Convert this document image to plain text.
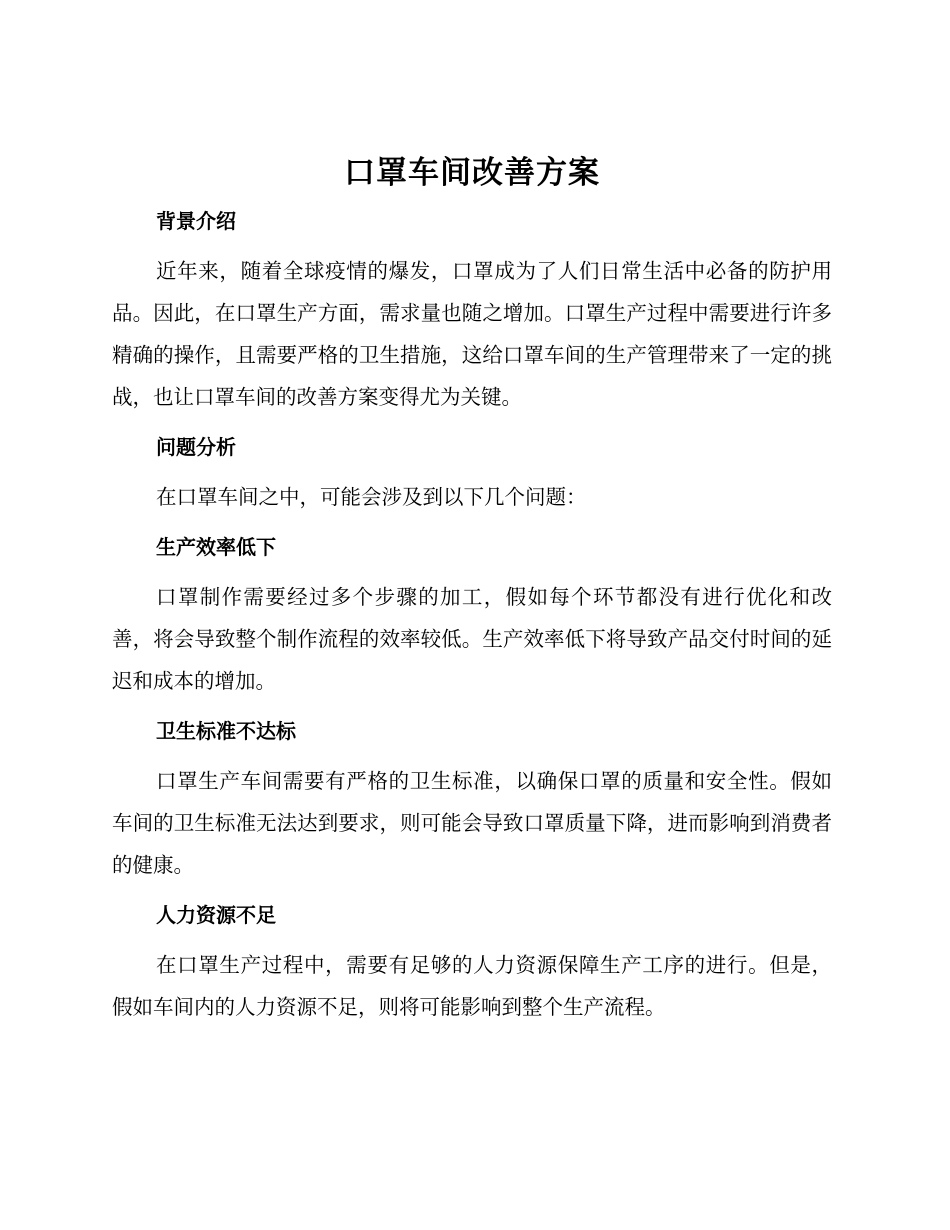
口罩车间改善方案
背景介绍

近年来，随着全球疫情的爆发，口罩成为了人们日常生活中必备的防护用品。因此，在口罩生产方面，需求量也随之增加。口罩生产过程中需要进行许多精确的操作，且需要严格的卫生措施，这给口罩车间的生产管理带来了一定的挑战，也让口罩车间的改善方案变得尤为关键。

问题分析

在口罩车间之中，可能会涉及到以下几个问题：

生产效率低下

口罩制作需要经过多个步骤的加工，假如每个环节都没有进行优化和改善，将会导致整个制作流程的效率较低。生产效率低下将导致产品交付时间的延迟和成本的增加。

卫生标准不达标

口罩生产车间需要有严格的卫生标准，以确保口罩的质量和安全性。假如车间的卫生标准无法达到要求，则可能会导致口罩质量下降，进而影响到消费者的健康。

人力资源不足

在口罩生产过程中，需要有足够的人力资源保障生产工序的进行。但是，假如车间内的人力资源不足，则将可能影响到整个生产流程。
